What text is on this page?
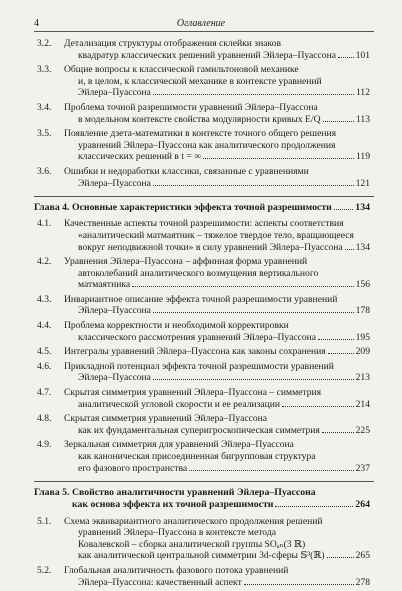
4	Оглавление
3.2. Детализация структуры отображения склейки знаков
квадратур классических решений уравнений Эйлера–Пуассона 101
3.3. Общие вопросы к классической гамильтоновой механике
и, в целом, к классической механике в контексте уравнений
Эйлера–Пуассона	112
3.4. Проблема точной разрешимости уравнений Эйлера–Пуассона
в модельном контексте свойства модулярности кривых E/Q	113
3.5. Появление дзета-математики в контексте точного общего решения
уравнений Эйлера–Пуассона как аналитического продолжения
классических решений в t = ∞	119
3.6. Ошибки и недоработки классики, связанные с уравнениями
Эйлера–Пуассона	121
Глава 4. Основные характеристики эффекта точной разрешимости 134
4.1. Качественные аспекты точной разрешимости: аспекты соответствия
«аналитический матмаятник – тяжелое твердое тело, вращающееся
вокруг неподвижной точки» в силу уравнений Эйлера–Пуассона 134
4.2. Уравнения Эйлера–Пуассона – аффинная форма уравнений
автоколебаний аналитического возмущения вертикального
матмаятника	156
4.3. Инвариантное описание эффекта точной разрешимости уравнений
Эйлера–Пуассона	178
4.4. Проблема корректности и необходимой корректировки
классического рассмотрения уравнений Эйлера–Пуассона	195
4.5. Интегралы уравнений Эйлера–Пуассона как законы сохранения	209
4.6. Прикладной потенциал эффекта точной разрешимости уравнений
Эйлера–Пуассона	213
4.7. Скрытая симметрия уравнений Эйлера–Пуассона – симметрия
аналитической угловой скорости и ее реализации	214
4.8. Скрытая симметрия уравнений Эйлера–Пуассона
как их фундаментальная суперигроскопическая симметрия	225
4.9. Зеркальная симметрия для уравнений Эйлера–Пуассона
как каноническая присоединенная бигрупповая структура
его фазового пространства	237
Глава 5. Свойство аналитичности уравнений Эйлера–Пуассона
как основа эффекта их точной разрешимости	264
5.1. Схема эквивариантного аналитического продолжения решений
уравнений Эйлера–Пуассона в контексте метода
Ковалевской – сборка аналитической группы SOₐₙ(3 ℝ)
как аналитической центральной симметрии 3d-сферы 𝕊³(ℝ)	265
5.2. Глобальная аналитичность фазового потока уравнений
Эйлера–Пуассона: качественный аспект	278
